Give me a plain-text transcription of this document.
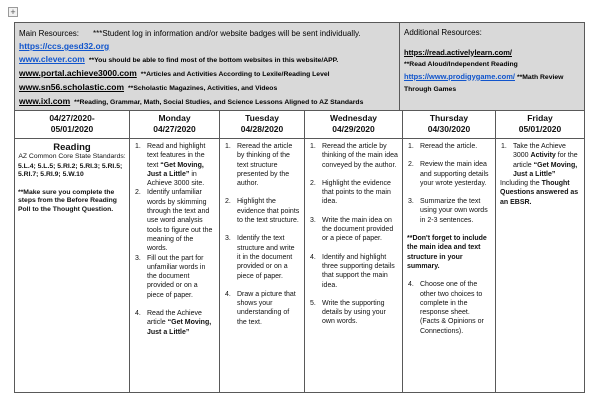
+
Main Resources: ***Student log in information and/or website badges will be sent individually.
https://ccs.gesd32.org
www.clever.com **You should be able to find most of the bottom websites in this website/APP.
www.portal.achieve3000.com **Articles and Activities According to Lexile/Reading Level
www.sn56.scholastic.com **Scholastic Magazines, Activities, and Videos
www.ixl.com **Reading, Grammar, Math, Social Studies, and Science Lessons Aligned to AZ Standards
Additional Resources:
https://read.activelylearn.com/
**Read Aloud/Independent Reading
https://www.prodigygame.com/ **Math Review
Through Games
04/27/2020-
05/01/2020
Monday
04/27/2020
Tuesday
04/28/2020
Wednesday
04/29/2020
Thursday
04/30/2020
Friday
05/01/2020
Reading
AZ Common Core State Standards:
5.L.4; 5.L.5; 5.RI.2; 5.RI.3; 5.RI.5; 5.RI.7; 5.RI.9; 5.W.10
**Make sure you complete the steps from the Before Reading Poll to the Thought Question.
1. Read and highlight text features in the text “Get Moving, Just a Little” in Achieve 3000 site.
2. Identify unfamiliar words by skimming through the text and use word analysis tools to figure out the meaning of the words.
3. Fill out the part for unfamiliar words in the document provided or on a piece of paper.
4. Read the Achieve article “Get Moving, Just a Little”
1. Reread the article by thinking of the text structure presented by the author.
2. Highlight the evidence that points to the text structure.
3. Identify the text structure and write it in the document provided or on a piece of paper.
4. Draw a picture that shows your understanding of the text.
1. Reread the article by thinking of the main idea conveyed by the author.
2. Highlight the evidence that points to the main idea.
3. Write the main idea on the document provided or a piece of paper.
4. Identify and highlight three supporting details that support the main idea.
5. Write the supporting details by using your own words.
1. Reread the article.
2. Review the main idea and supporting details your wrote yesterday.
3. Summarize the text using your own words in 2-3 sentences.
**Don't forget to include the main idea and text structure in your summary.
4. Choose one of the other two choices to complete in the response sheet. (Facts & Opinions or Connections).
1. Take the Achieve 3000 Activity for the article “Get Moving, Just a Little”
Including the Thought Questions answered as an EBSR.
